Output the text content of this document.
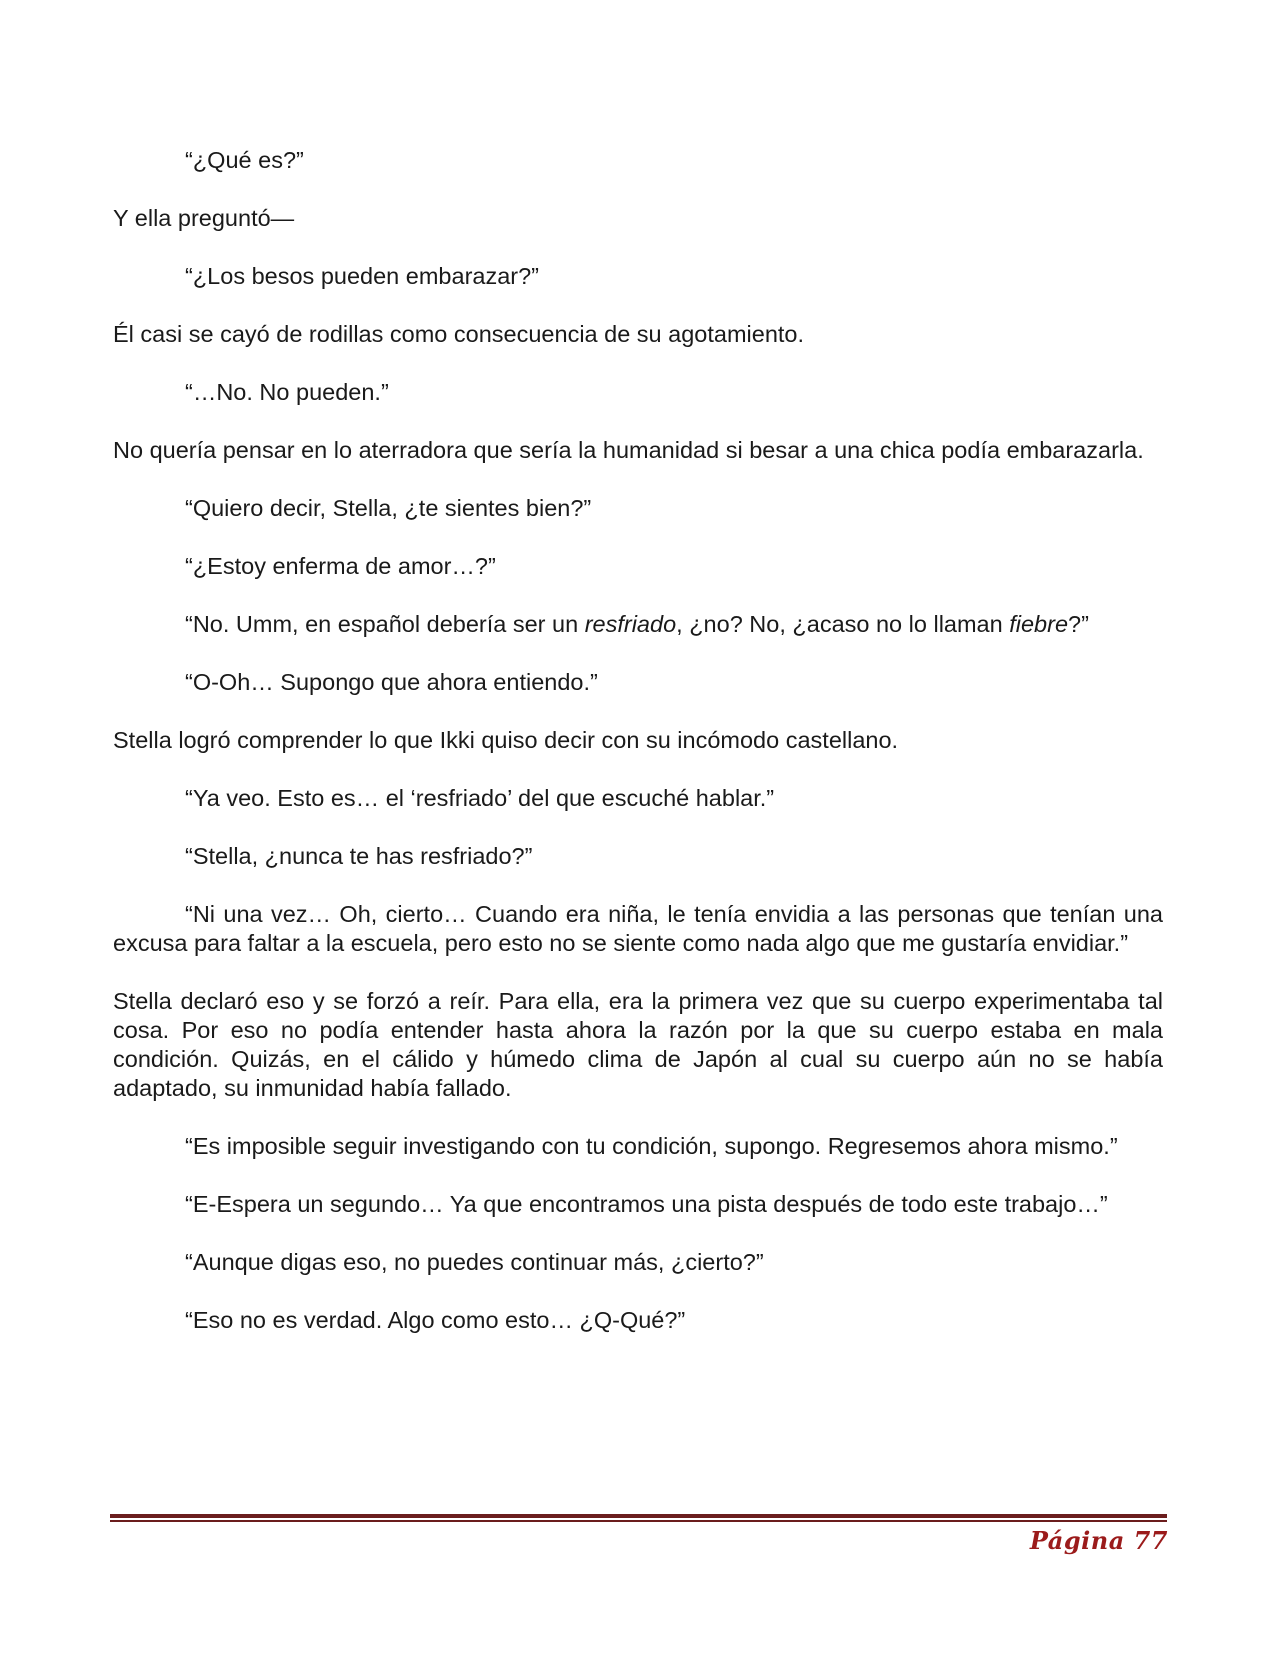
“¿Qué es?”

Y ella preguntó—

“¿Los besos pueden embarazar?”

Él casi se cayó de rodillas como consecuencia de su agotamiento.

“…No. No pueden.”

No quería pensar en lo aterradora que sería la humanidad si besar a una chica podía embarazarla.

“Quiero decir, Stella, ¿te sientes bien?”

“¿Estoy enferma de amor…?”

“No. Umm, en español debería ser un resfriado, ¿no? No, ¿acaso no lo llaman fiebre?”

“O-Oh… Supongo que ahora entiendo.”

Stella logró comprender lo que Ikki quiso decir con su incómodo castellano.

“Ya veo. Esto es… el ‘resfriado’ del que escuché hablar.”

“Stella, ¿nunca te has resfriado?”

“Ni una vez… Oh, cierto… Cuando era niña, le tenía envidia a las personas que tenían una excusa para faltar a la escuela, pero esto no se siente como nada algo que me gustaría envidiar.”

Stella declaró eso y se forzó a reír. Para ella, era la primera vez que su cuerpo experimentaba tal cosa. Por eso no podía entender hasta ahora la razón por la que su cuerpo estaba en mala condición. Quizás, en el cálido y húmedo clima de Japón al cual su cuerpo aún no se había adaptado, su inmunidad había fallado.

“Es imposible seguir investigando con tu condición, supongo. Regresemos ahora mismo.”

“E-Espera un segundo… Ya que encontramos una pista después de todo este trabajo…”

“Aunque digas eso, no puedes continuar más, ¿cierto?”

“Eso no es verdad. Algo como esto… ¿Q-Qué?”

Página 77
